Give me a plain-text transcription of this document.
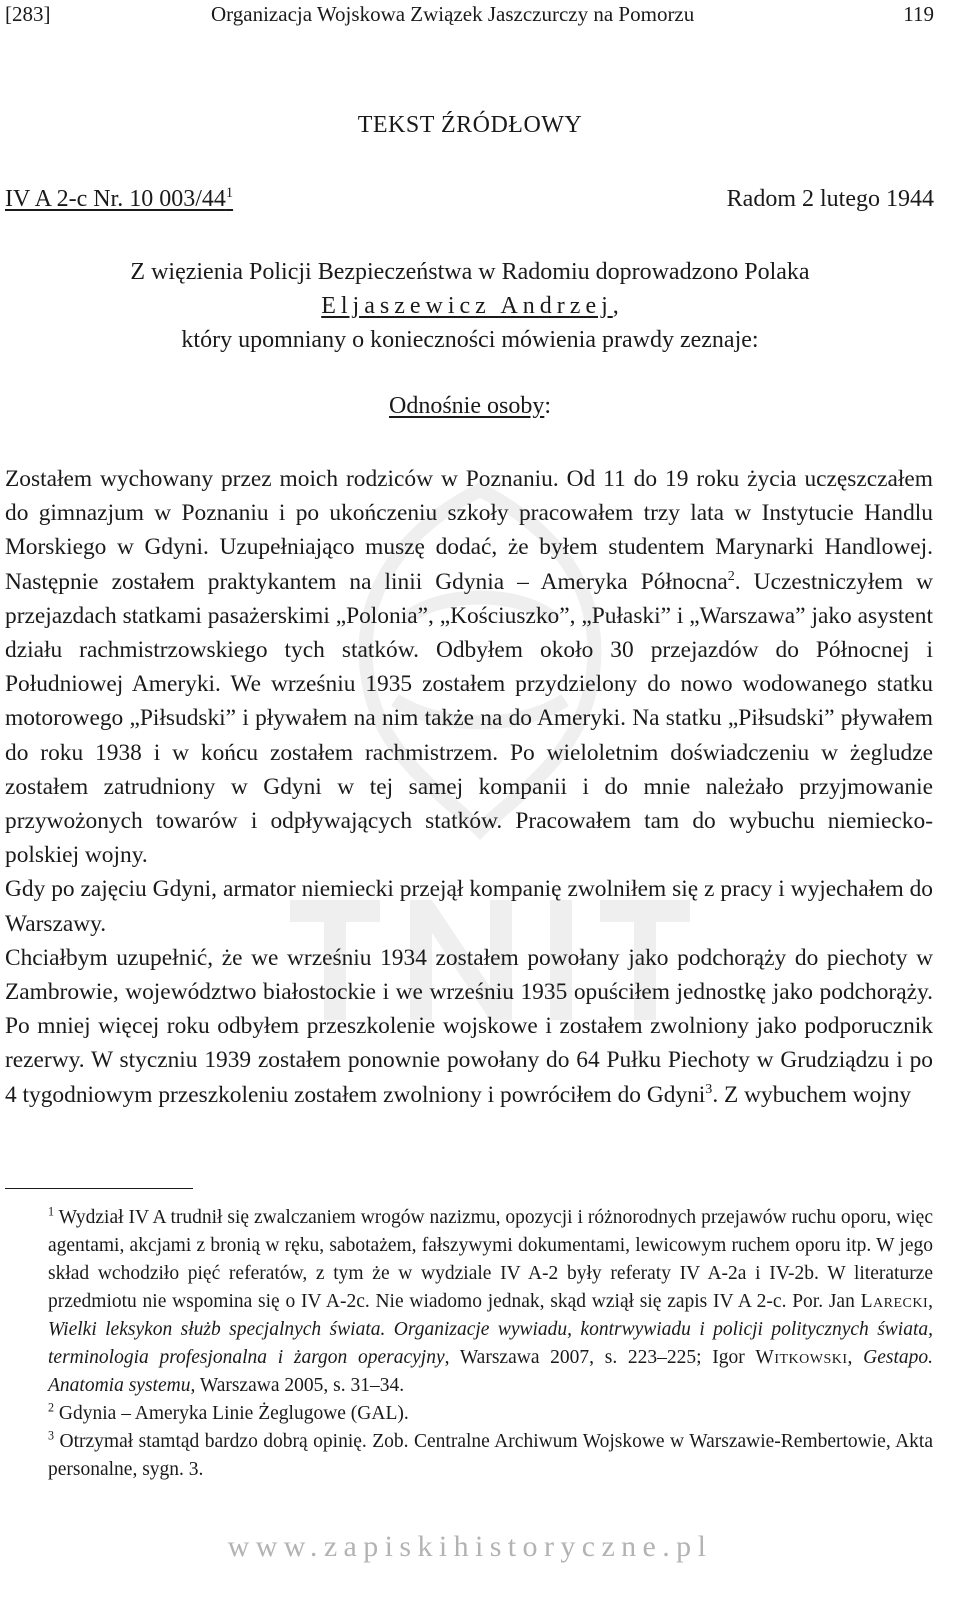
[283]	Organizacja Wojskowa Związek Jaszczurczy na Pomorzu	119
TEKST ŹRÓDŁOWY
IV A 2-c Nr. 10 $003/44^1$	Radom 2 lutego 1944
Z więzienia Policji Bezpieczeństwa w Radomiu doprowadzono Polaka
Eljaszewicz Andrzej,
który upomniany o konieczności mówienia prawdy zeznaje:
Odnośnie osoby:

Zostałem wychowany przez moich rodziców w Poznaniu. Od 11 do 19 roku życia uczęszczałem do gimnazjum w Poznaniu i po ukończeniu szkoły pracowałem trzy lata w Instytucie Handlu Morskiego w Gdyni. Uzupełniająco muszę dodać, że byłem studentem Marynarki Handlowej. Następnie zostałem praktykantem na linii Gdynia – Ameryka Północna$^2$. Uczestniczyłem w przejazdach statkami pasażerskimi „Polonia”, „Kościuszko”, „Pułaski” i „Warszawa” jako asystent działu rachmistrzowskiego tych statków. Odbyłem około 30 przejazdów do Północnej i Południowej Ameryki. We wrześniu 1935 zostałem przydzielony do nowo wodowanego statku motorowego „Piłsudski” i pływałem na nim także na do Ameryki. Na statku „Piłsudski” pływałem do roku 1938 i w końcu zostałem rachmistrzem. Po wieloletnim doświadczeniu w żegludze zostałem zatrudniony w Gdyni w tej samej kompanii i do mnie należało przyjmowanie przywożonych towarów i odpływających statków. Pracowałem tam do wybuchu niemiecko-polskiej wojny.

Gdy po zajęciu Gdyni, armator niemiecki przejął kompanię zwolniłem się z pracy i wyjechałem do Warszawy.

Chciałbym uzupełnić, że we wrześniu 1934 zostałem powołany jako podchorąży do piechoty w Zambrowie, województwo białostockie i we wrześniu 1935 opuściłem jednostkę jako podchorąży. Po mniej więcej roku odbyłem przeszkolenie wojskowe i zostałem zwolniony jako podporucznik rezerwy. W styczniu 1939 zostałem ponownie powołany do 64 Pułku Piechoty w Grudziądzu i po 4 tygodniowym przeszkoleniu zostałem zwolniony i powróciłem do Gdyni$^3$. Z wybuchem wojny

$^1$ Wydział IV A trudnił się zwalczaniem wrogów nazizmu, opozycji i różnorodnych przejawów ruchu oporu, więc agentami, akcjami z bronią w ręku, sabotażem, fałszywymi dokumentami, lewicowym ruchem oporu itp. W jego skład wchodziło pięć referatów, z tym że w wydziale IV A-2 były referaty IV A-2a i IV-2b. W literaturze przedmiotu nie wspomina się o IV A-2c. Nie wiadomo jednak, skąd wziął się zapis IV A 2-c. Por. Jan Larecki, Wielki leksykon służb specjalnych świata. Organizacje wywiadu, kontrwywiadu i policji politycznych świata, terminologia profesjonalna i żargon operacyjny, Warszawa 2007, s. 223–225; Igor Witkowski, Gestapo. Anatomia systemu, Warszawa 2005, s. 31–34.

$^2$ Gdynia – Ameryka Linie Żeglugowe (GAL).

$^3$ Otrzymał stamtąd bardzo dobrą opinię. Zob. Centralne Archiwum Wojskowe w Warszawie-Rembertowie, Akta personalne, sygn. 3.

www.zapiskihistoryczne.pl
